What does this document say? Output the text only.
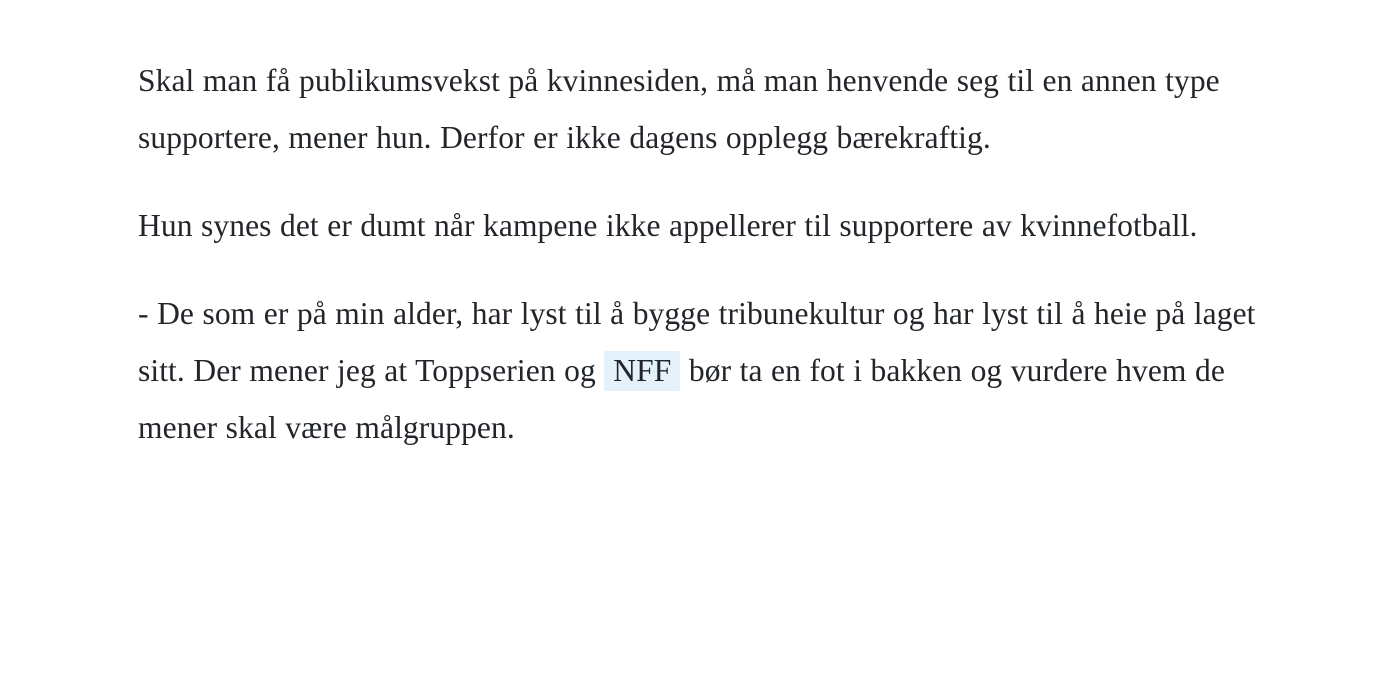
Skal man få publikumsvekst på kvinnesiden, må man henvende seg til en annen type supportere, mener hun. Derfor er ikke dagens opplegg bærekraftig.

Hun synes det er dumt når kampene ikke appellerer til supportere av kvinnefotball.

- De som er på min alder, har lyst til å bygge tribunekultur og har lyst til å heie på laget sitt. Der mener jeg at Toppserien og NFF bør ta en fot i bakken og vurdere hvem de mener skal være målgruppen.
